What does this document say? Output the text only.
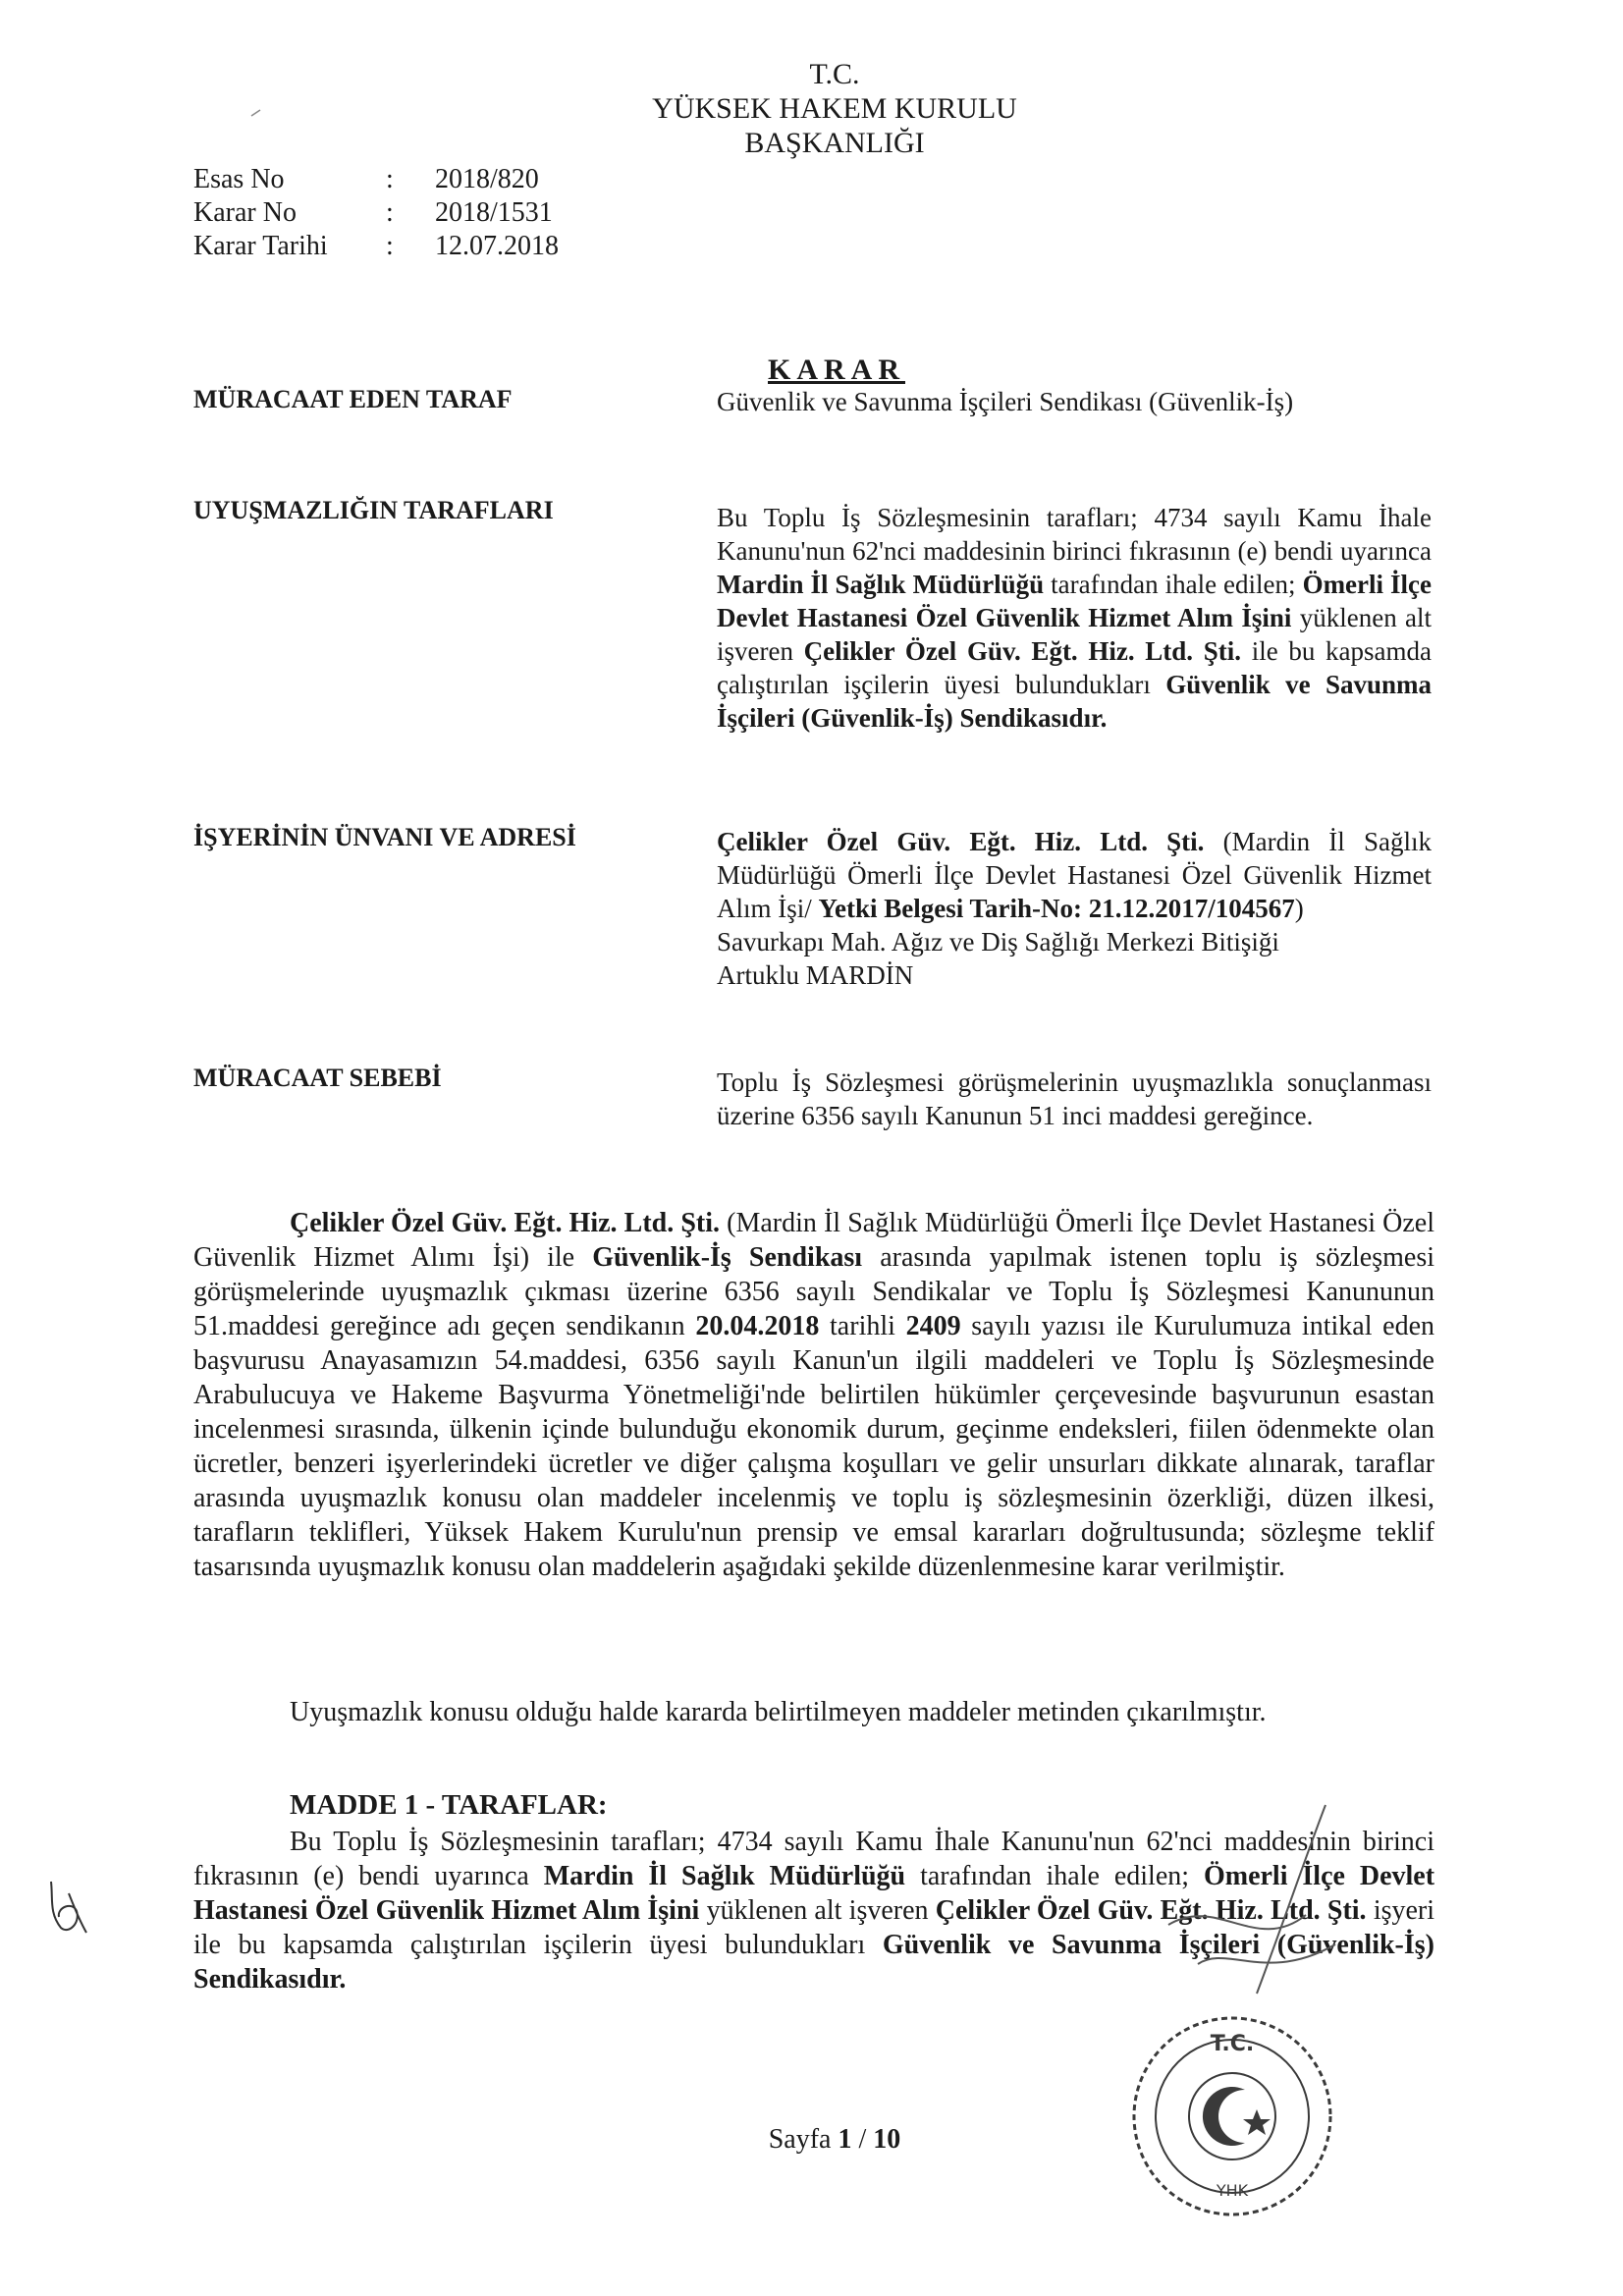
T.C.
YÜKSEK HAKEM KURULU
BAŞKANLIĞI
Esas No	:	2018/820
Karar No	:	2018/1531
Karar Tarihi	:	12.07.2018
KARAR
MÜRACAAT EDEN TARAF	Güvenlik ve Savunma İşçileri Sendikası (Güvenlik-İş)
UYUŞMAZLIĞIN TARAFLARI	Bu Toplu İş Sözleşmesinin tarafları; 4734 sayılı Kamu İhale Kanunu'nun 62'nci maddesinin birinci fıkrasının (e) bendi uyarınca Mardin İl Sağlık Müdürlüğü tarafından ihale edilen; Ömerli İlçe Devlet Hastanesi Özel Güvenlik Hizmet Alım İşini yüklenen alt işveren Çelikler Özel Güv. Eğt. Hiz. Ltd. Şti. ile bu kapsamda çalıştırılan işçilerin üyesi bulundukları Güvenlik ve Savunma İşçileri (Güvenlik-İş) Sendikasıdır.
İŞYERİNİN ÜNVANI VE ADRESİ	Çelikler Özel Güv. Eğt. Hiz. Ltd. Şti. (Mardin İl Sağlık Müdürlüğü Ömerli İlçe Devlet Hastanesi Özel Güvenlik Hizmet Alım İşi/ Yetki Belgesi Tarih-No: 21.12.2017/104567)
Savurkapı Mah. Ağız ve Diş Sağlığı Merkezi Bitişiği
Artuklu MARDİN
MÜRACAAT SEBEBİ	Toplu İş Sözleşmesi görüşmelerinin uyuşmazlıkla sonuçlanması üzerine 6356 sayılı Kanunun 51 inci maddesi gereğince.
Çelikler Özel Güv. Eğt. Hiz. Ltd. Şti. (Mardin İl Sağlık Müdürlüğü Ömerli İlçe Devlet Hastanesi Özel Güvenlik Hizmet Alımı İşi) ile Güvenlik-İş Sendikası arasında yapılmak istenen toplu iş sözleşmesi görüşmelerinde uyuşmazlık çıkması üzerine 6356 sayılı Sendikalar ve Toplu İş Sözleşmesi Kanununun 51.maddesi gereğince adı geçen sendikanın 20.04.2018 tarihli 2409 sayılı yazısı ile Kurulumuza intikal eden başvurusu Anayasamızın 54.maddesi, 6356 sayılı Kanun'un ilgili maddeleri ve Toplu İş Sözleşmesinde Arabulucuya ve Hakeme Başvurma Yönetmeliği'nde belirtilen hükümler çerçevesinde başvurunun esastan incelenmesi sırasında, ülkenin içinde bulunduğu ekonomik durum, geçinme endeksleri, fiilen ödenmekte olan ücretler, benzeri işyerlerindeki ücretler ve diğer çalışma koşulları ve gelir unsurları dikkate alınarak, taraflar arasında uyuşmazlık konusu olan maddeler incelenmiş ve toplu iş sözleşmesinin özerkliği, düzen ilkesi, tarafların teklifleri, Yüksek Hakem Kurulu'nun prensip ve emsal kararları doğrultusunda; sözleşme teklif tasarısında uyuşmazlık konusu olan maddelerin aşağıdaki şekilde düzenlenmesine karar verilmiştir.
Uyuşmazlık konusu olduğu halde kararda belirtilmeyen maddeler metinden çıkarılmıştır.
MADDE 1 - TARAFLAR:
Bu Toplu İş Sözleşmesinin tarafları; 4734 sayılı Kamu İhale Kanunu'nun 62'nci maddesinin birinci fıkrasının (e) bendi uyarınca Mardin İl Sağlık Müdürlüğü tarafından ihale edilen; Ömerli İlçe Devlet Hastanesi Özel Güvenlik Hizmet Alım İşini yüklenen alt işveren Çelikler Özel Güv. Eğt. Hiz. Ltd. Şti. işyeri ile bu kapsamda çalıştırılan işçilerin üyesi bulundukları Güvenlik ve Savunma İşçileri (Güvenlik-İş) Sendikasıdır.
T.C.
YHK
Sayfa 1 / 10
